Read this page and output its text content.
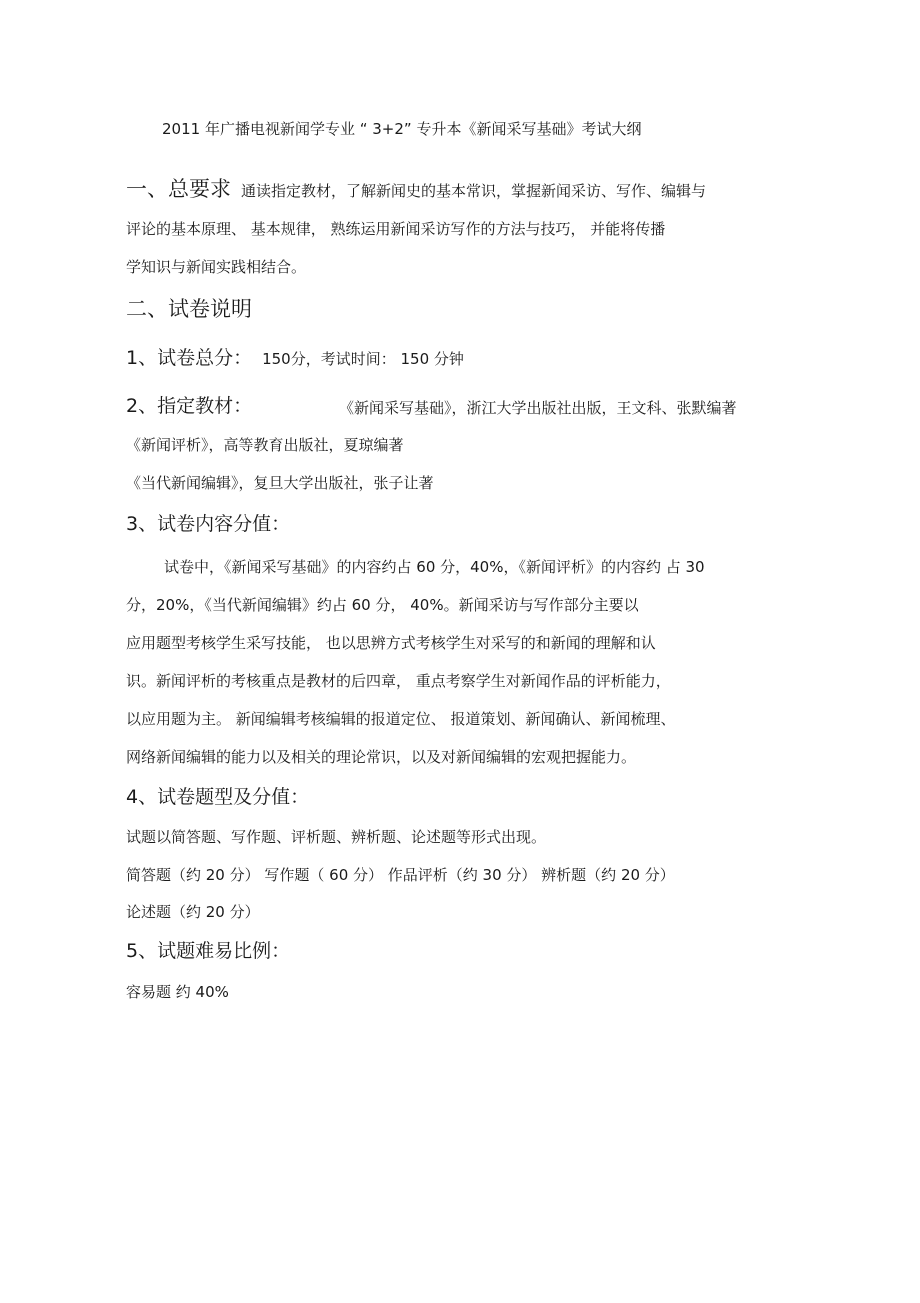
2011 年广播电视新闻学专业 “ 3+2” 专升本《新闻采写基础》考试大纲
一、总要求 通读指定教材，了解新闻史的基本常识，掌握新闻采访、写作、编辑与
评论的基本原理、 基本规律， 熟练运用新闻采访写作的方法与技巧， 并能将传播
学知识与新闻实践相结合。
二、试卷说明
1、试卷总分： 150分，考试时间： 150 分钟
2、指定教材：	《新闻采写基础》，浙江大学出版社出版，王文科、张默编著
《新闻评析》，高等教育出版社，夏琼编著
《当代新闻编辑》，复旦大学出版社，张子让著
3、试卷内容分值：
试卷中，《新闻采写基础》的内容约占 60 分，40%，《新闻评析》的内容约 占 30
分，20%，《当代新闻编辑》约占 60 分， 40%。新闻采访与写作部分主要以
应用题型考核学生采写技能， 也以思辨方式考核学生对采写的和新闻的理解和认
识。新闻评析的考核重点是教材的后四章， 重点考察学生对新闻作品的评析能力，
以应用题为主。 新闻编辑考核编辑的报道定位、 报道策划、新闻确认、新闻梳理、
网络新闻编辑的能力以及相关的理论常识，以及对新闻编辑的宏观把握能力。
4、试卷题型及分值：
试题以简答题、写作题、评析题、辨析题、论述题等形式出现。
简答题（约 20 分） 写作题（ 60 分） 作品评析（约 30 分） 辨析题（约 20 分）
论述题（约 20 分）
5、试题难易比例：
容易题 约 40%
